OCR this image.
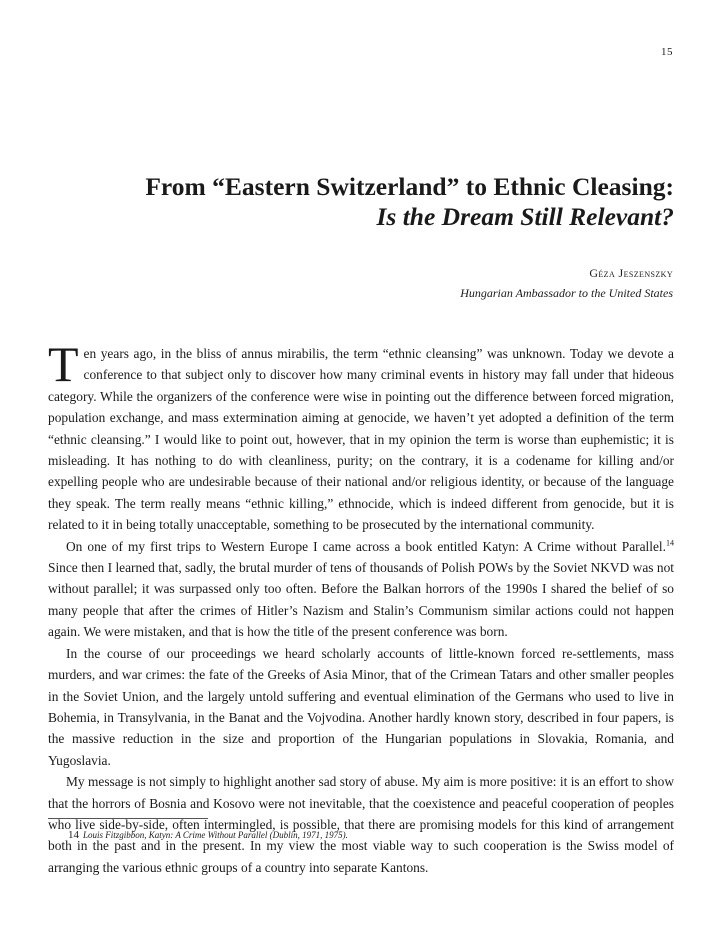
15
From “Eastern Switzerland” to Ethnic Cleasing:
Is the Dream Still Relevant?
Géza Jeszenszky
Hungarian Ambassador to the United States

Ten years ago, in the bliss of annus mirabilis, the term “ethnic cleansing” was unknown. Today we devote a conference to that subject only to discover how many criminal events in history may fall under that hideous category. While the organizers of the conference were wise in pointing out the difference between forced migration, population exchange, and mass extermination aiming at genocide, we haven’t yet adopted a definition of the term “ethnic cleansing.” I would like to point out, however, that in my opinion the term is worse than euphemistic; it is misleading. It has nothing to do with cleanliness, purity; on the contrary, it is a codename for killing and/or expelling people who are undesirable because of their national and/or religious identity, or because of the language they speak. The term really means “ethnic killing,” ethnocide, which is indeed different from genocide, but it is related to it in being totally unacceptable, something to be prosecuted by the international community.

On one of my first trips to Western Europe I came across a book entitled Katyn: A Crime without Parallel.$^{14}$ Since then I learned that, sadly, the brutal murder of tens of thousands of Polish POWs by the Soviet NKVD was not without parallel; it was surpassed only too often. Before the Balkan horrors of the 1990s I shared the belief of so many people that after the crimes of Hitler’s Nazism and Stalin’s Communism similar actions could not happen again. We were mistaken, and that is how the title of the present conference was born.

In the course of our proceedings we heard scholarly accounts of little-known forced re-settlements, mass murders, and war crimes: the fate of the Greeks of Asia Minor, that of the Crimean Tatars and other smaller peoples in the Soviet Union, and the largely untold suffering and eventual elimination of the Germans who used to live in Bohemia, in Transylvania, in the Banat and the Vojvodina. Another hardly known story, described in four papers, is the massive reduction in the size and proportion of the Hungarian populations in Slovakia, Romania, and Yugoslavia.

My message is not simply to highlight another sad story of abuse. My aim is more positive: it is an effort to show that the horrors of Bosnia and Kosovo were not inevitable, that the coexistence and peaceful cooperation of peoples who live side-by-side, often intermingled, is possible, that there are promising models for this kind of arrangement both in the past and in the present. In my view the most viable way to such cooperation is the Swiss model of arranging the various ethnic groups of a country into separate Kantons.

14 Louis Fitzgibbon, Katyn: A Crime Without Parallel (Dublin, 1971, 1975).
